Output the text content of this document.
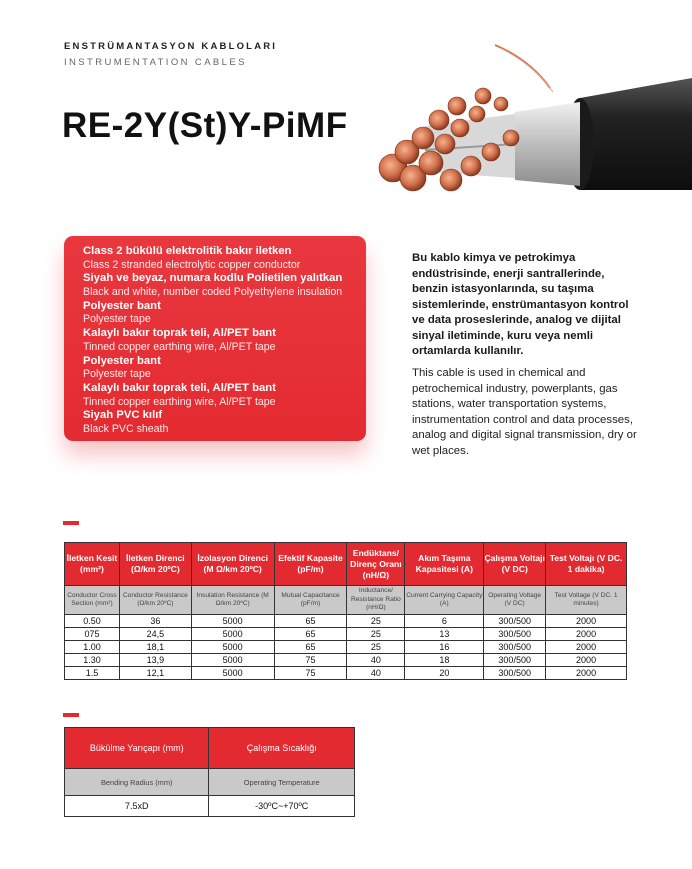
ENSTRÜMANTASYON KABLOLARI
INSTRUMENTATION CABLES
RE-2Y(St)Y-PiMF
Class 2 bükülü elektrolitik bakır iletken
Class 2 stranded electrolytic copper conductor
Siyah ve beyaz, numara kodlu Polietilen yalıtkan
Black and white, number coded Polyethylene insulation
Polyester bant
Polyester tape
Kalaylı bakır toprak teli, Al/PET bant
Tinned copper earthing wire, Al/PET tape
Polyester bant
Polyester tape
Kalaylı bakır toprak teli, Al/PET bant
Tinned copper earthing wire, Al/PET tape
Siyah PVC kılıf
Black PVC sheath
Bu kablo kimya ve petrokimya endüstrisinde, enerji santrallerinde, benzin istasyonlarında, su taşıma sistemlerinde, enstrümantasyon kontrol ve data proseslerinde, analog ve dijital sinyal iletiminde, kuru veya nemli ortamlarda kullanılır.
This cable is used in chemical and petrochemical industry, powerplants, gas stations, water transportation systems, instrumentation control and data processes, analog and digital signal transmission, dry or wet places.
İletken Kesit (mm²)	İletken Direnci (Ω/km 20ºC)	İzolasyon Direnci (M Ω/km 20ºC)	Efektif Kapasite (pF/m)	Endüktans/ Direnç Oranı (nH/Ω)	Akım Taşıma Kapasitesi (A)	Çalışma Voltajı (V DC)	Test Voltajı (V DC. 1 dakika)
Conductor Cross Section (mm²)	Conductor Resistance (Ω/km 20ºC)	Insulation Resistance (M Ω/km 20ºC)	Mutual Capacitance (pF/m)	Inductance/ Resistance Ratio (nH/Ω)	Current Carrying Capacity (A)	Operating Voltage (V DC)	Test Voltage (V DC. 1 minutes)
0.50	36	5000	65	25	6	300/500	2000
075	24,5	5000	65	25	13	300/500	2000
1.00	18,1	5000	65	25	16	300/500	2000
1.30	13,9	5000	75	40	18	300/500	2000
1.5	12,1	5000	75	40	20	300/500	2000
Bükülme Yarıçapı (mm)	Çalışma Sıcaklığı
Bending Radius (mm)	Operating Temperature
7.5xD	-30ºC~+70ºC
